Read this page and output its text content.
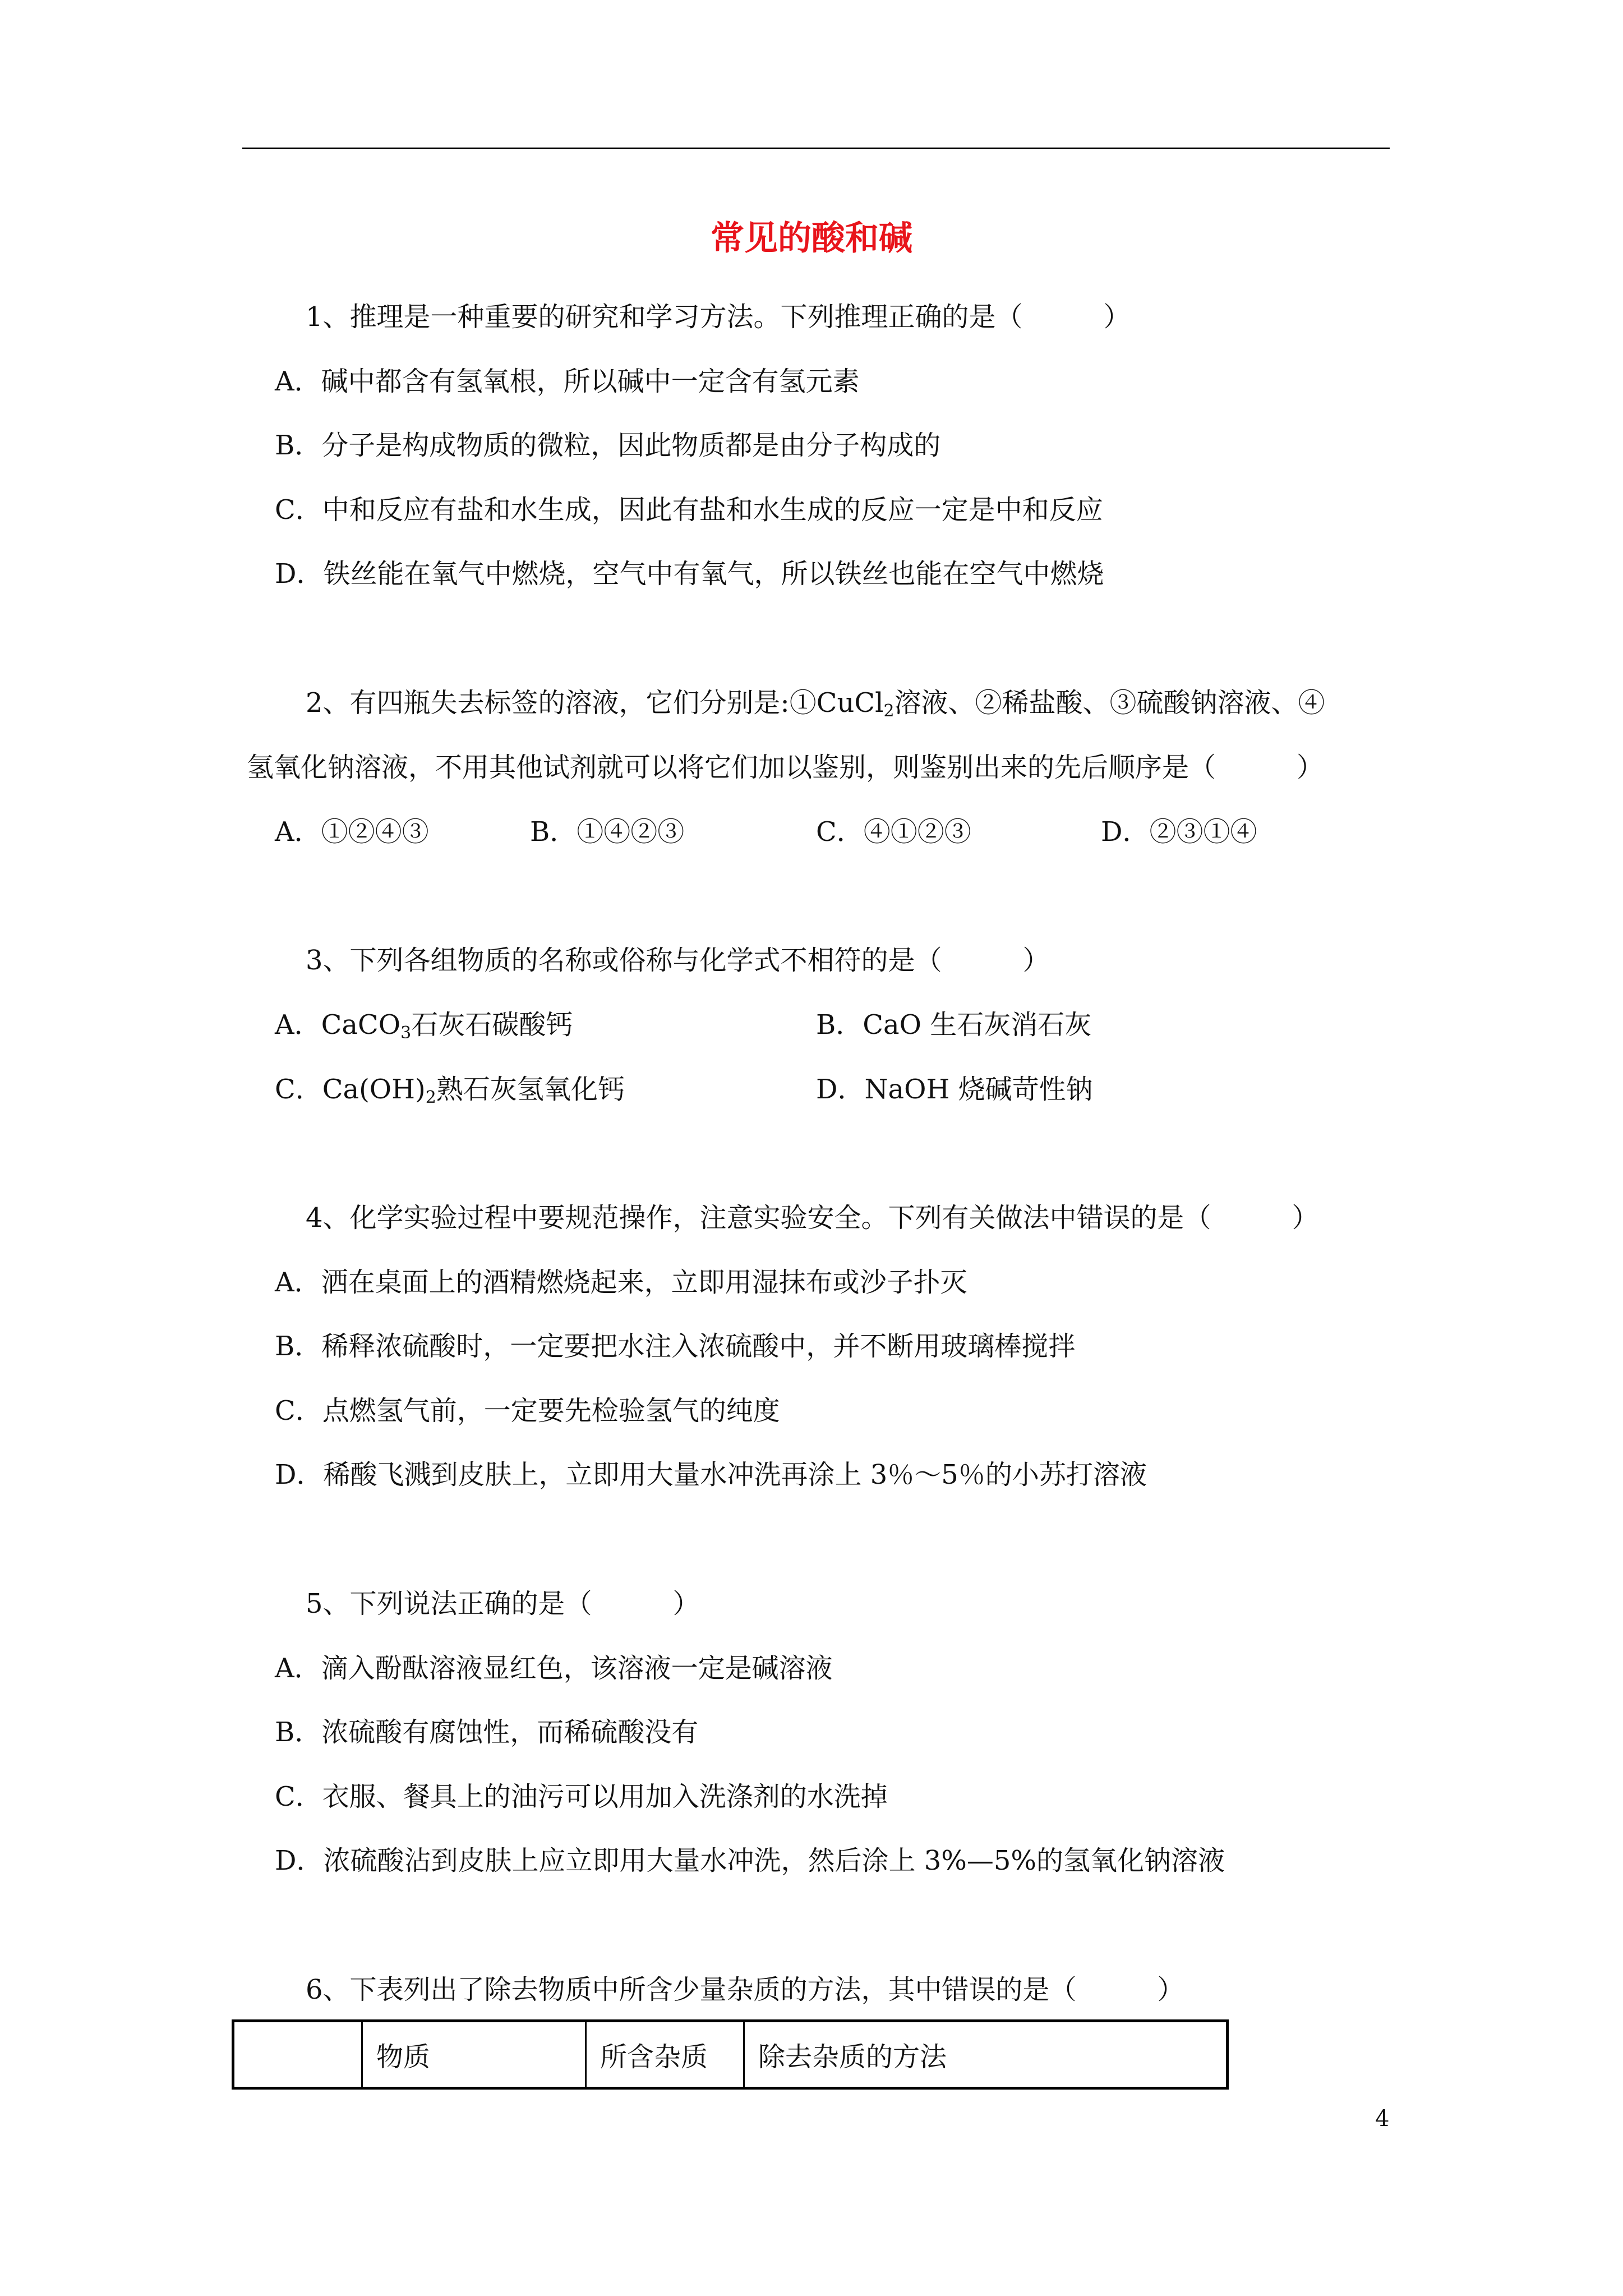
常见的酸和碱
1、推理是一种重要的研究和学习方法。下列推理正确的是（　　　）
A．碱中都含有氢氧根，所以碱中一定含有氢元素
B．分子是构成物质的微粒，因此物质都是由分子构成的
C．中和反应有盐和水生成，因此有盐和水生成的反应一定是中和反应
D．铁丝能在氧气中燃烧，空气中有氧气，所以铁丝也能在空气中燃烧
2、有四瓶失去标签的溶液，它们分别是:①CuCl$_2$溶液、②稀盐酸、③硫酸钠溶液、④
氢氧化钠溶液，不用其他试剂就可以将它们加以鉴别，则鉴别出来的先后顺序是（　　　）
A．①②④③	B．①④②③	C．④①②③	D．②③①④
3、下列各组物质的名称或俗称与化学式不相符的是（　　　）
A．CaCO$_3$石灰石碳酸钙	B．CaO 生石灰消石灰
C．$Ca(OH)_2$熟石灰氢氧化钙	D．NaOH 烧碱苛性钠
4、化学实验过程中要规范操作，注意实验安全。下列有关做法中错误的是（　　　）
A．洒在桌面上的酒精燃烧起来，立即用湿抹布或沙子扑灭
B．稀释浓硫酸时，一定要把水注入浓硫酸中，并不断用玻璃棒搅拌
C．点燃氢气前，一定要先检验氢气的纯度
D．稀酸飞溅到皮肤上，立即用大量水冲洗再涂上 3％～5％的小苏打溶液
5、下列说法正确的是（　　　）
A．滴入酚酞溶液显红色，该溶液一定是碱溶液
B．浓硫酸有腐蚀性，而稀硫酸没有
C．衣服、餐具上的油污可以用加入洗涤剂的水洗掉
D．浓硫酸沾到皮肤上应立即用大量水冲洗，然后涂上 3%—5%的氢氧化钠溶液
6、下表列出了除去物质中所含少量杂质的方法，其中错误的是（　　　）
	物质	所含杂质	除去杂质的方法
4
